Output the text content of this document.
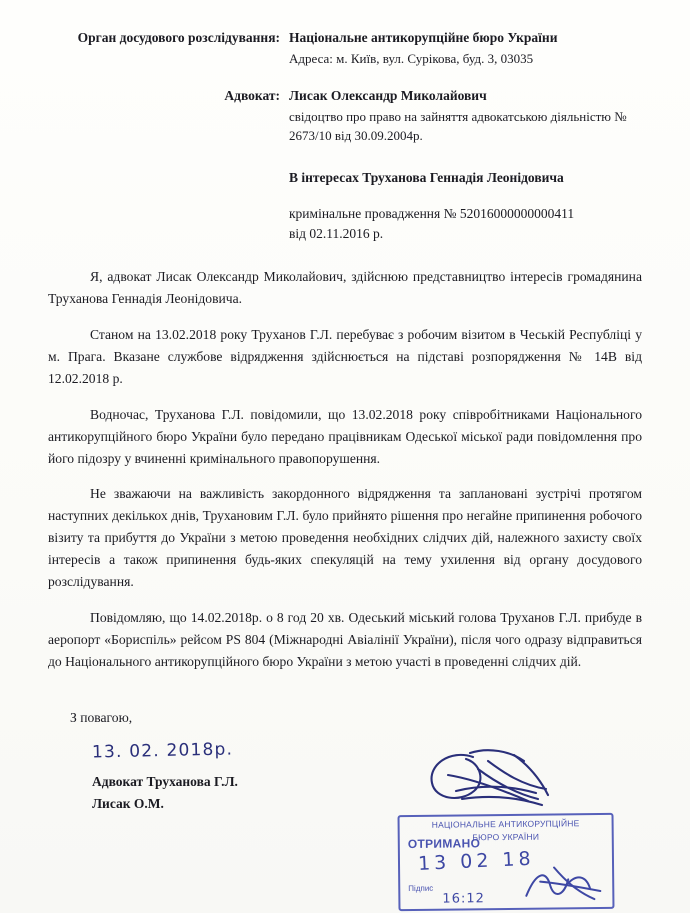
Орган досудового розслідування: Національне антикорупційне бюро України
Адреса: м. Київ, вул. Сурікова, буд. 3, 03035
Адвокат: Лисак Олександр Миколайович
свідоцтво про право на зайняття адвокатською діяльністю № 2673/10 від 30.09.2004р.
В інтересах Труханова Геннадія Леонідовича
кримінальне провадження № 52016000000000411
від 02.11.2016 р.

Я, адвокат Лисак Олександр Миколайович, здійснюю представництво інтересів громадянина Труханова Геннадія Леонідовича.

Станом на 13.02.2018 року Труханов Г.Л. перебуває з робочим візитом в Чеській Республіці у м. Прага. Вказане службове відрядження здійснюється на підставі розпорядження № 14В від 12.02.2018 р.

Водночас, Труханова Г.Л. повідомили, що 13.02.2018 року співробітниками Національного антикорупційного бюро України було передано працівникам Одеської міської ради повідомлення про його підозру у вчиненні кримінального правопорушення.

Не зважаючи на важливість закордонного відрядження та заплановані зустрічі протягом наступних декількох днів, Трухановим Г.Л. було прийнято рішення про негайне припинення робочого візиту та прибуття до України з метою проведення необхідних слідчих дій, належного захисту своїх інтересів а також припинення будь-яких спекуляцій на тему ухилення від органу досудового розслідування.

Повідомляю, що 14.02.2018р. о 8 год 20 хв. Одеський міський голова Труханов Г.Л. прибуде в аеропорт «Бориспіль» рейсом PS 804 (Міжнародні Авіалінії України), після чого одразу відправиться до Національного антикорупційного бюро України з метою участі в проведенні слідчих дій.

З повагою,
13. 02. 2018р.
Адвокат Труханова Г.Л.
Лисак О.М.
НАЦІОНАЛЬНЕ АНТИКОРУПЦІЙНЕ
БЮРО УКРАЇНИ
ОТРИМАНО
13 02 18
Підпис
16:12
